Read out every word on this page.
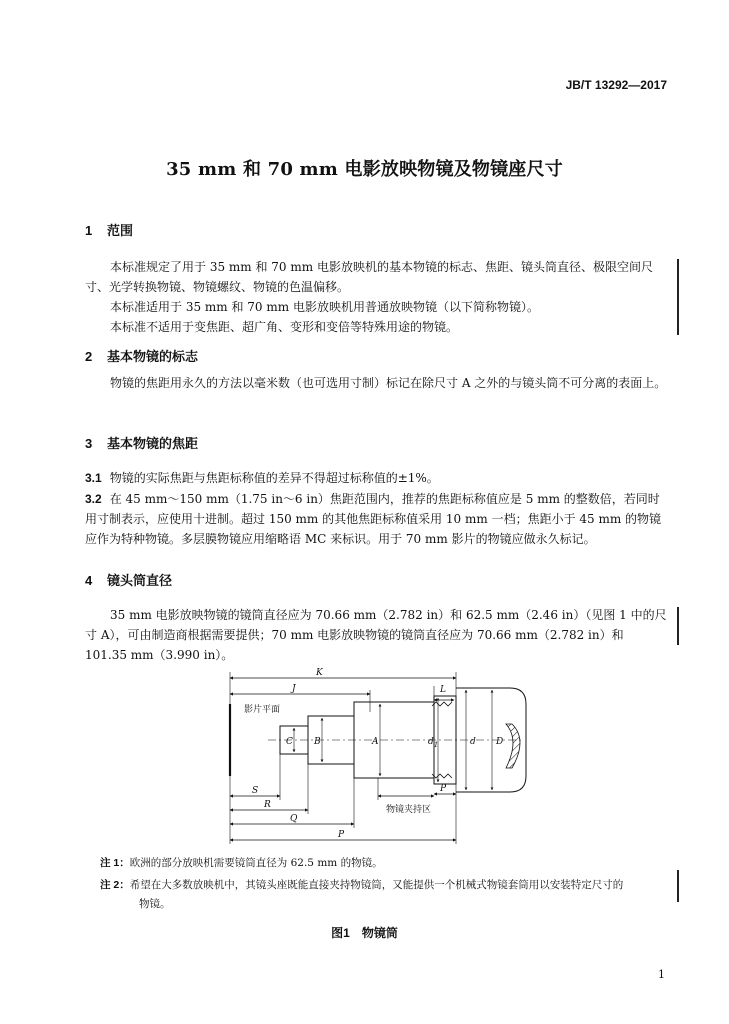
JB/T 13292—2017
35 mm 和 70 mm 电影放映物镜及物镜座尺寸
1 范围
本标准规定了用于 35 mm 和 70 mm 电影放映机的基本物镜的标志、焦距、镜头筒直径、极限空间尺寸、光学转换物镜、物镜螺纹、物镜的色温偏移。
本标准适用于 35 mm 和 70 mm 电影放映机用普通放映物镜（以下简称物镜）。
本标准不适用于变焦距、超广角、变形和变倍等特殊用途的物镜。
2 基本物镜的标志
物镜的焦距用永久的方法以毫米数（也可选用寸制）标记在除尺寸 A 之外的与镜头筒不可分离的表面上。
3 基本物镜的焦距
3.1 物镜的实际焦距与焦距标称值的差异不得超过标称值的±1%。
3.2 在 45 mm～150 mm（1.75 in～6 in）焦距范围内，推荐的焦距标称值应是 5 mm 的整数倍，若同时用寸制表示，应使用十进制。超过 150 mm 的其他焦距标称值采用 10 mm 一档；焦距小于 45 mm 的物镜应作为特种物镜。多层膜物镜应用缩略语 MC 来标识。用于 70 mm 影片的物镜应做永久标记。
4 镜头筒直径
35 mm 电影放映物镜的镜筒直径应为 70.66 mm（2.782 in）和 62.5 mm（2.46 in）（见图 1 中的尺寸 A），可由制造商根据需要提供；70 mm 电影放映物镜的镜筒直径应为 70.66 mm（2.782 in）和 101.35 mm（3.990 in）。
K
J	L
影片平面
C B	A	$d_1$	d D
S
R
Q
P
P
物镜夹持区
注 1：欧洲的部分放映机需要镜筒直径为 62.5 mm 的物镜。
注 2：希望在大多数放映机中，其镜头座既能直接夹持物镜筒，又能提供一个机械式物镜套筒用以安装特定尺寸的
物镜。
图1 物镜筒
1
